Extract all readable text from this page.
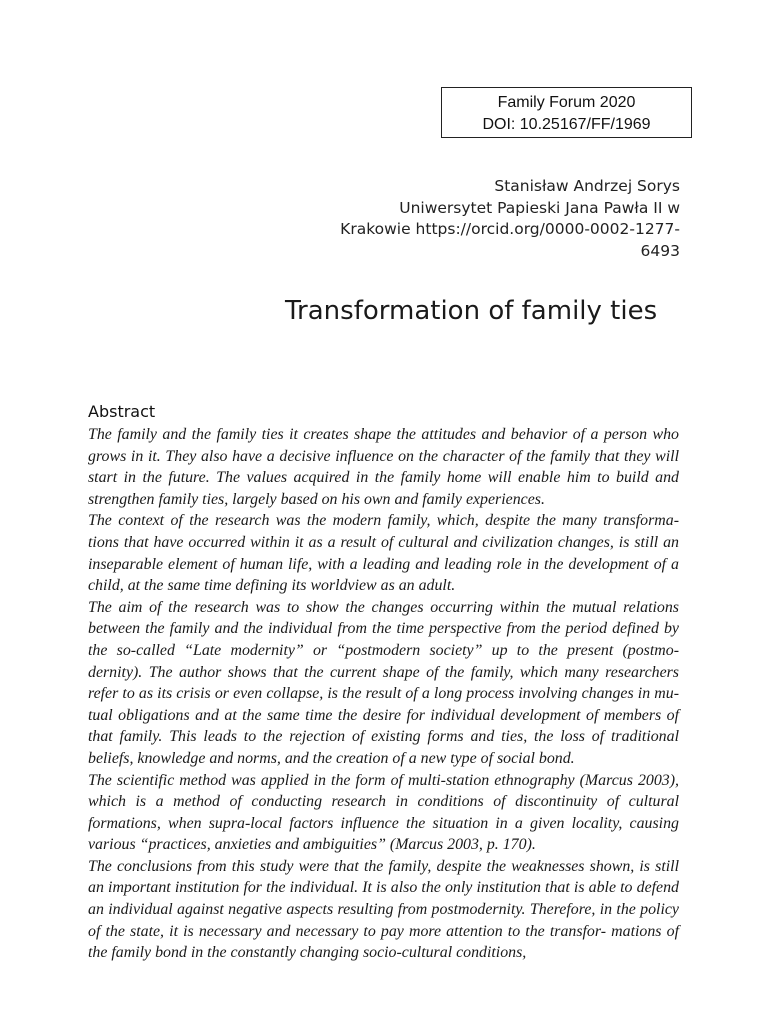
Family Forum 2020
DOI: 10.25167/FF/1969
Stanisław Andrzej Sorys
Uniwersytet Papieski Jana Pawła II w
Krakowie https://orcid.org/0000-0002-1277-
6493
Transformation of family ties
Abstract

The family and the family ties it creates shape the attitudes and behavior of a person who grows in it. They also have a decisive influence on the character of the family that they will start in the future. The values acquired in the family home will enable him to build and strengthen family ties, largely based on his own and family experiences.

The context of the research was the modern family, which, despite the many transforma- tions that have occurred within it as a result of cultural and civilization changes, is still an inseparable element of human life, with a leading and leading role in the development of a child, at the same time defining its worldview as an adult.

The aim of the research was to show the changes occurring within the mutual relations between the family and the individual from the time perspective from the period defined by the so-called “Late modernity” or “postmodern society” up to the present (postmo- dernity). The author shows that the current shape of the family, which many researchers refer to as its crisis or even collapse, is the result of a long process involving changes in mu- tual obligations and at the same time the desire for individual development of members of that family. This leads to the rejection of existing forms and ties, the loss of traditional beliefs, knowledge and norms, and the creation of a new type of social bond.

The scientific method was applied in the form of multi-station ethnography (Marcus 2003), which is a method of conducting research in conditions of discontinuity of cultural formations, when supra-local factors influence the situation in a given locality, causing various “practices, anxieties and ambiguities” (Marcus 2003, p. 170).

The conclusions from this study were that the family, despite the weaknesses shown, is still an important institution for the individual. It is also the only institution that is able to defend an individual against negative aspects resulting from postmodernity. Therefore, in the policy of the state, it is necessary and necessary to pay more attention to the transfor- mations of the family bond in the constantly changing socio-cultural conditions,
